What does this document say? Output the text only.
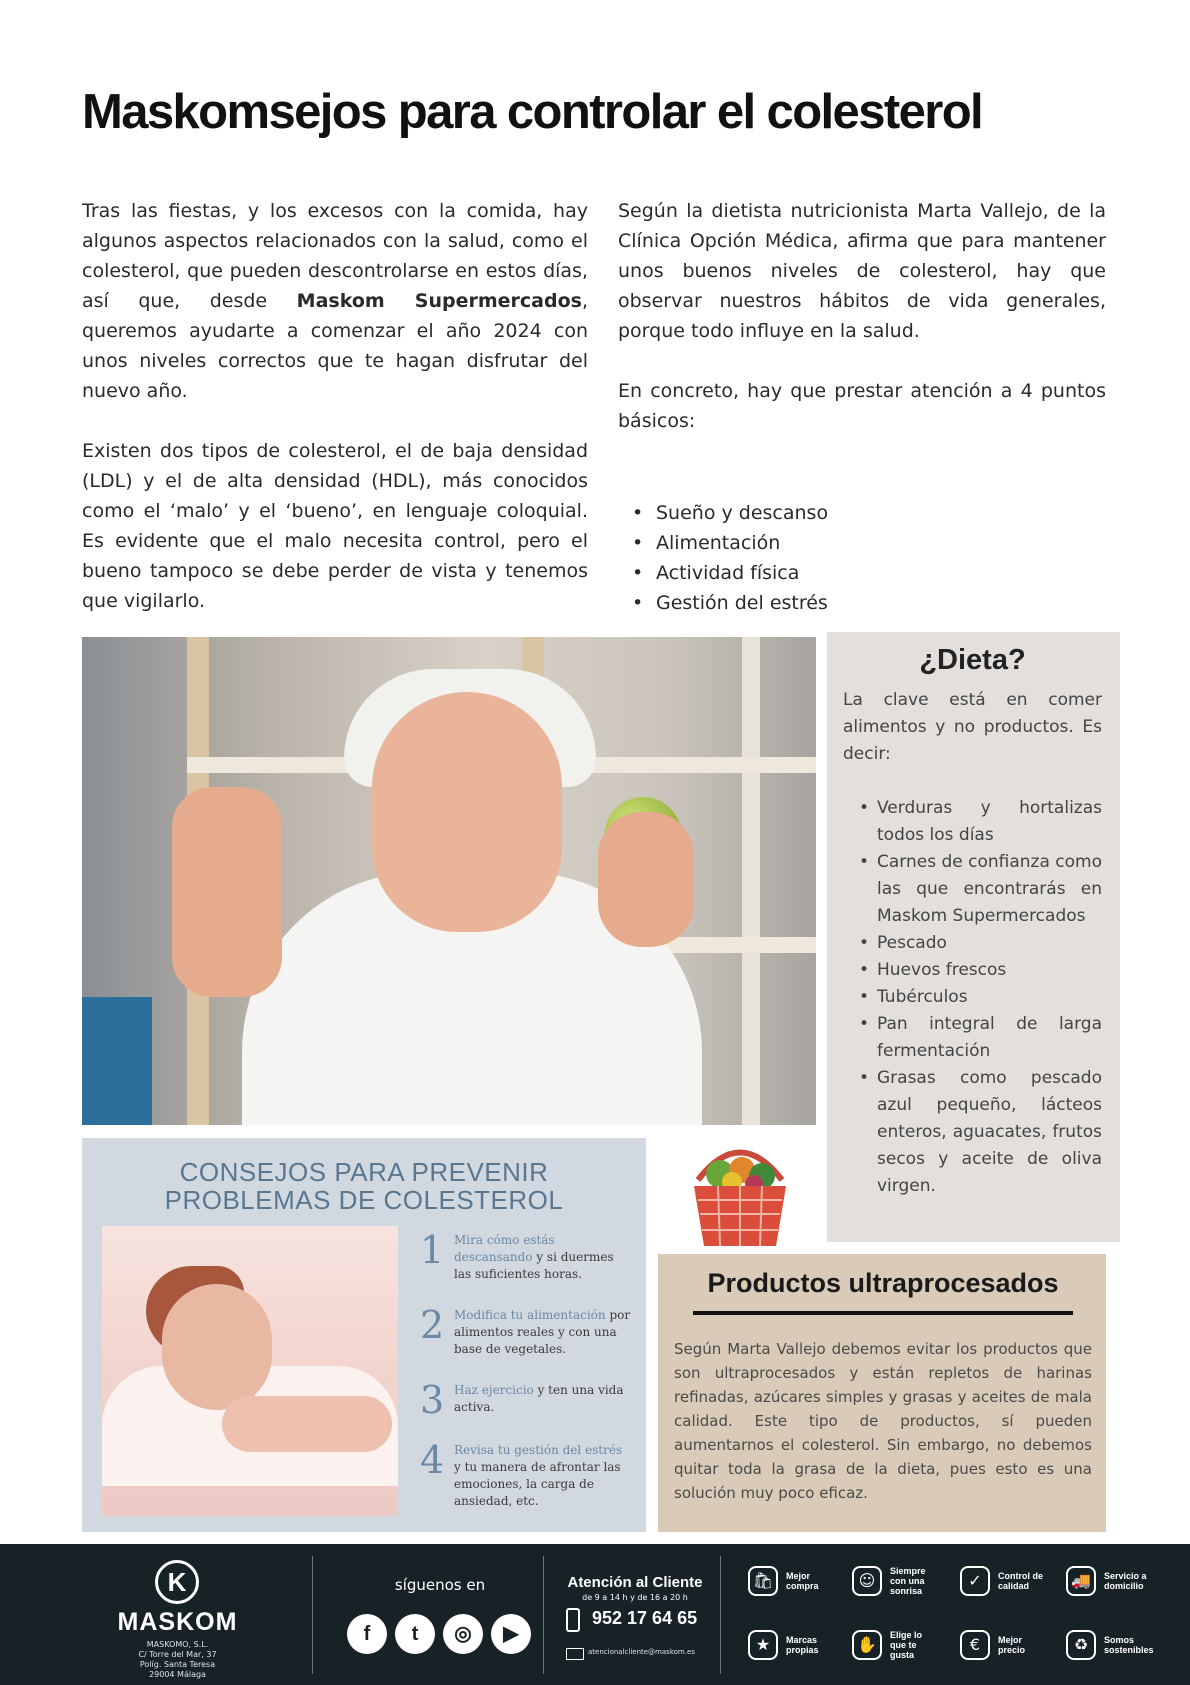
Maskomsejos para controlar el colesterol

Tras las fiestas, y los excesos con la comida, hay algunos aspectos relacionados con la salud, como el colesterol, que pueden descontrolarse en estos días, así que, desde Maskom Supermercados, queremos ayudarte a comenzar el año 2024 con unos niveles correctos que te hagan disfrutar del nuevo año.

Existen dos tipos de colesterol, el de baja densidad (LDL) y el de alta densidad (HDL), más conocidos como el ‘malo’ y el ‘bueno’, en lenguaje coloquial. Es evidente que el malo necesita control, pero el bueno tampoco se debe perder de vista y tenemos que vigilarlo.

Según la dietista nutricionista Marta Vallejo, de la Clínica Opción Médica, afirma que para mantener unos buenos niveles de colesterol, hay que observar nuestros hábitos de vida generales, porque todo influye en la salud.

En concreto, hay que prestar atención a 4 puntos básicos:

• Sueño y descanso
• Alimentación
• Actividad física
• Gestión del estrés
¿Dieta?
La clave está en comer alimentos y no productos. Es decir:
• Verduras y hortalizas todos los días
• Carnes de confianza como las que encontrarás en Maskom Supermercados
• Pescado
• Huevos frescos
• Tubérculos
• Pan integral de larga fermentación
• Grasas como pescado azul pequeño, lácteos enteros, aguacates, frutos secos y aceite de oliva virgen.
CONSEJOS PARA PREVENIR
PROBLEMAS DE COLESTEROL
1 Mira cómo estás descansando y si duermes las suficientes horas.
2 Modifica tu alimentación por alimentos reales y con una base de vegetales.
3 Haz ejercicio y ten una vida activa.
4 Revisa tu gestión del estrés y tu manera de afrontar las emociones, la carga de ansiedad, etc.
Productos ultraprocesados
Según Marta Vallejo debemos evitar los productos que son ultraprocesados y están repletos de harinas refinadas, azúcares simples y grasas y aceites de mala calidad. Este tipo de productos, sí pueden aumentarnos el colesterol. Sin embargo, no debemos quitar toda la grasa de la dieta, pues esto es una solución muy poco eficaz.
K
MASKOM
MASKOMO, S.L.
C/ Torre del Mar, 37
Políg. Santa Teresa
29004 Málaga
síguenos en
f	t	◎	▶
Atención al Cliente
de 9 a 14 h y de 16 a 20 h
952 17 64 65
atencionalcliente@maskom.es
🛍	Mejor compra	☺	Siempre con una sonrisa
✓	Control de calidad	🚚	Servicio a domicilio
★	Marcas propias	✋	Elige lo que te gusta
€	Mejor precio	♻	Somos sostenibles
